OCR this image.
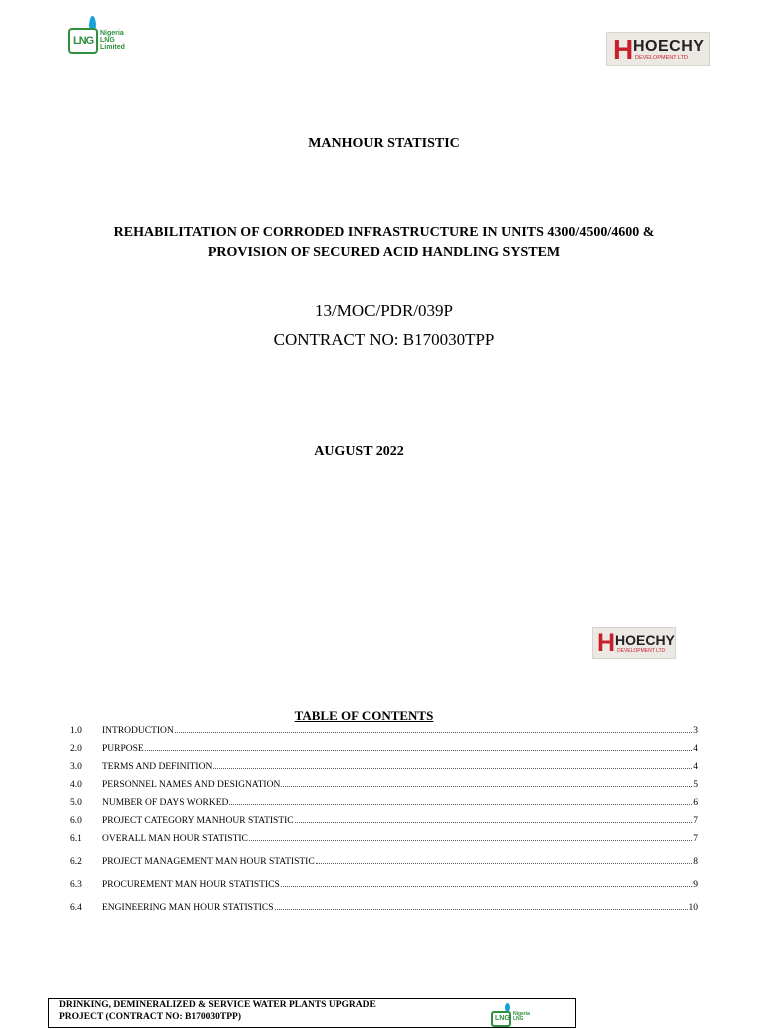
LNG
Nigeria
LNG
Limited	H HOECHY
DEVELOPMENT LTD
MANHOUR STATISTIC
REHABILITATION OF CORRODED INFRASTRUCTURE IN UNITS 4300/4500/4600 &
PROVISION OF SECURED ACID HANDLING SYSTEM
13/MOC/PDR/039P
CONTRACT NO: B170030TPP
AUGUST 2022
H HOECHY
DEVELOPMENT LTD
TABLE OF CONTENTS
1.0	INTRODUCTION	3
2.0	PURPOSE	4
3.0	TERMS AND DEFINITION	4
4.0	PERSONNEL NAMES AND DESIGNATION	5
5.0	NUMBER OF DAYS WORKED	6
6.0	PROJECT CATEGORY MANHOUR STATISTIC	7
6.1	OVERALL MAN HOUR STATISTIC	7
6.2	PROJECT MANAGEMENT MAN HOUR STATISTIC	8
6.3	PROCUREMENT MAN HOUR STATISTICS	9
6.4	ENGINEERING MAN HOUR STATISTICS	10
DRINKING, DEMINERALIZED & SERVICE WATER PLANTS UPGRADE
PROJECT (CONTRACT NO: B170030TPP)	LNG
Nigeria
LNG
